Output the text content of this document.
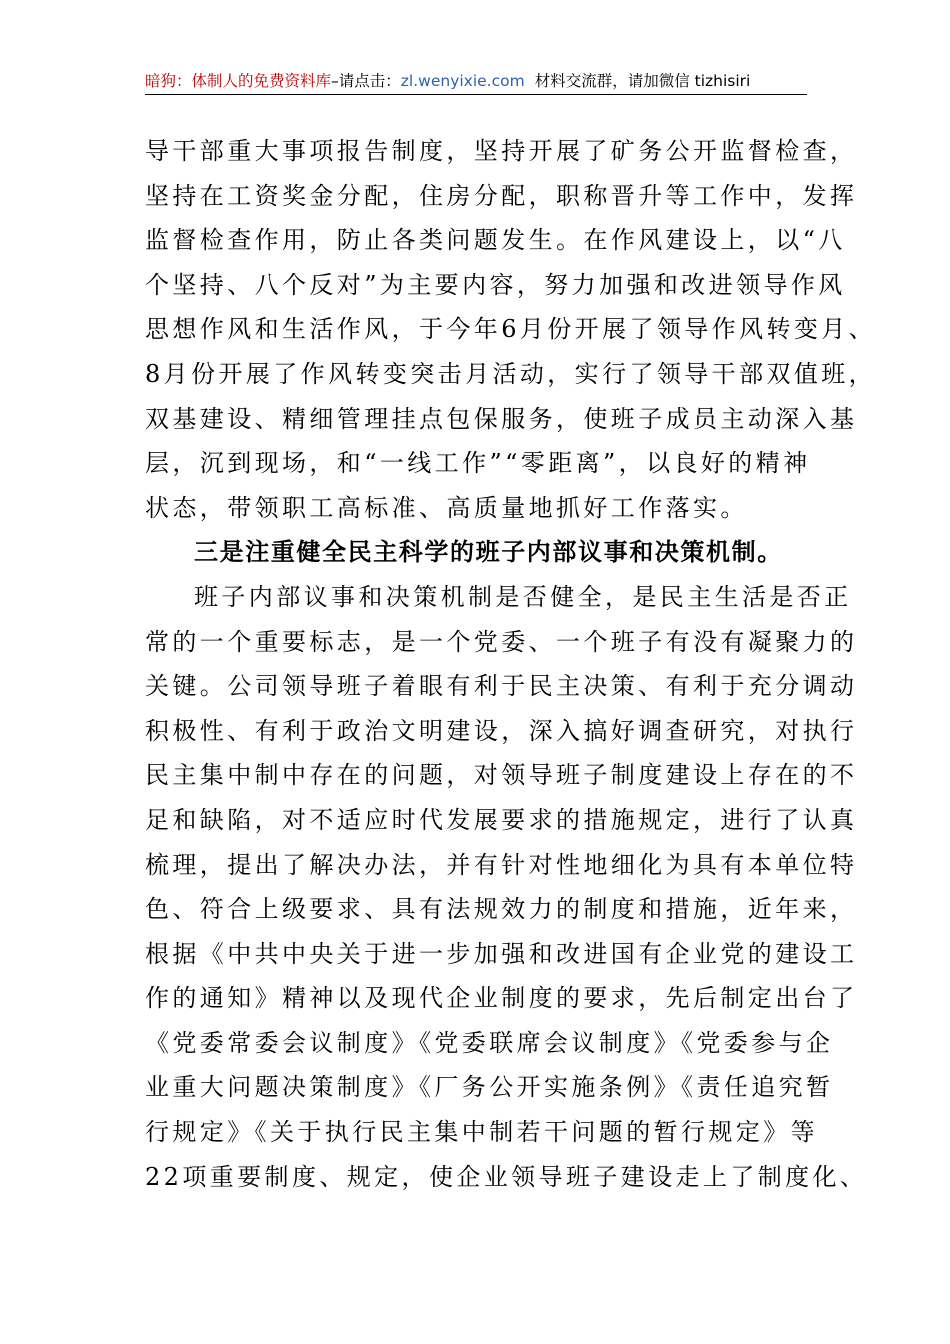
暗狗：体制人的免费资料库–请点击：zl.wenyixie.com 材料交流群，请加微信 tizhisiri
导干部重大事项报告制度，坚持开展了矿务公开监督检查，
坚持在工资奖金分配，住房分配，职称晋升等工作中，发挥
监督检查作用，防止各类问题发生。在作风建设上，以“八
个坚持、八个反对”为主要内容，努力加强和改进领导作风
思想作风和生活作风，于今年6月份开展了领导作风转变月、
8月份开展了作风转变突击月活动，实行了领导干部双值班，
双基建设、精细管理挂点包保服务，使班子成员主动深入基
层，沉到现场，和“一线工作”“零距离”，以良好的精神
状态，带领职工高标准、高质量地抓好工作落实。
三是注重健全民主科学的班子内部议事和决策机制。
班子内部议事和决策机制是否健全，是民主生活是否正
常的一个重要标志，是一个党委、一个班子有没有凝聚力的
关键。公司领导班子着眼有利于民主决策、有利于充分调动
积极性、有利于政治文明建设，深入搞好调查研究，对执行
民主集中制中存在的问题，对领导班子制度建设上存在的不
足和缺陷，对不适应时代发展要求的措施规定，进行了认真
梳理，提出了解决办法，并有针对性地细化为具有本单位特
色、符合上级要求、具有法规效力的制度和措施，近年来，
根据《中共中央关于进一步加强和改进国有企业党的建设工
作的通知》精神以及现代企业制度的要求，先后制定出台了
《党委常委会议制度》《党委联席会议制度》《党委参与企
业重大问题决策制度》《厂务公开实施条例》《责任追究暂
行规定》《关于执行民主集中制若干问题的暂行规定》等
22项重要制度、规定，使企业领导班子建设走上了制度化、
